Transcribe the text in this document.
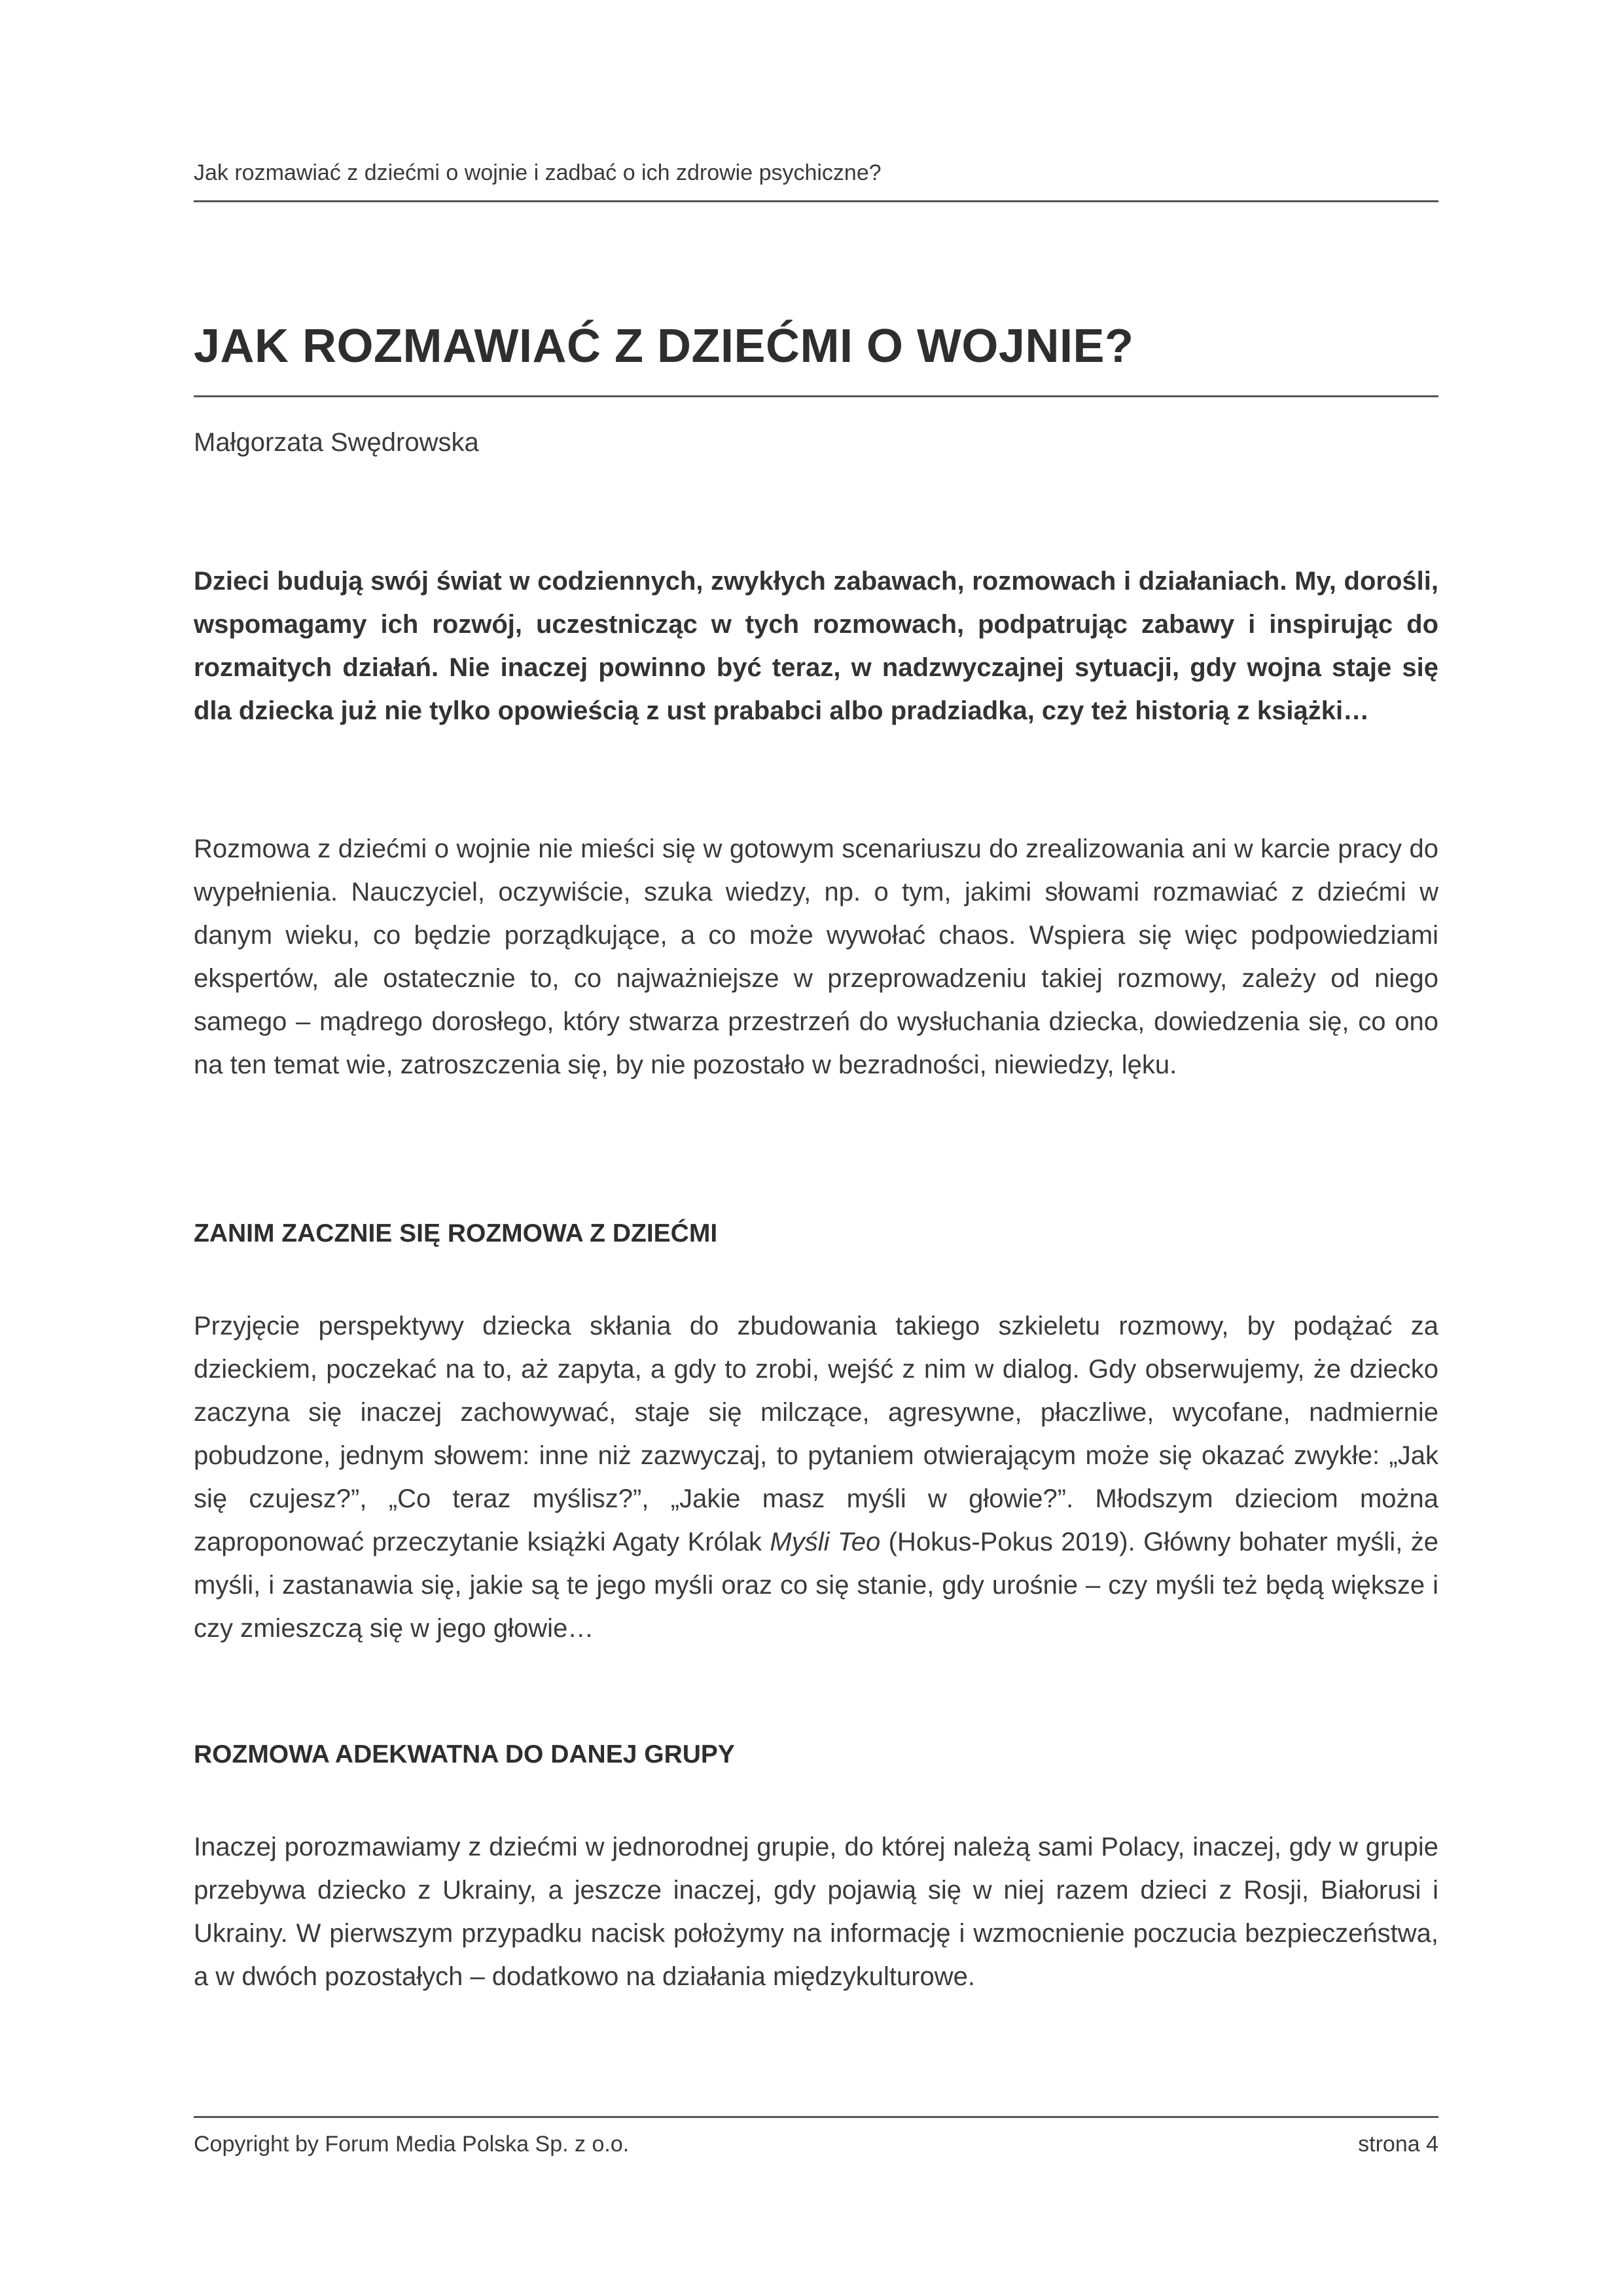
Jak rozmawiać z dziećmi o wojnie i zadbać o ich zdrowie psychiczne?
JAK ROZMAWIAĆ Z DZIEĆMI O WOJNIE?
Małgorzata Swędrowska

Dzieci budują swój świat w codziennych, zwykłych zabawach, rozmowach i działaniach. My, dorośli, wspomagamy ich rozwój, uczestnicząc w tych rozmowach, podpatrując zabawy i inspirując do rozmaitych działań. Nie inaczej powinno być teraz, w nadzwyczajnej sytuacji, gdy wojna staje się dla dziecka już nie tylko opowieścią z ust prababci albo pradziadka, czy też historią z książki…

Rozmowa z dziećmi o wojnie nie mieści się w gotowym scenariuszu do zrealizowania ani w karcie pracy do wypełnienia. Nauczyciel, oczywiście, szuka wiedzy, np. o tym, jakimi słowami rozmawiać z dziećmi w danym wieku, co będzie porządkujące, a co może wywołać chaos. Wspiera się więc podpowiedziami ekspertów, ale ostatecznie to, co najważniejsze w przeprowadzeniu takiej rozmowy, zależy od niego samego – mądrego dorosłego, który stwarza przestrzeń do wysłuchania dziecka, dowiedzenia się, co ono na ten temat wie, zatroszczenia się, by nie pozostało w bezradności, niewiedzy, lęku.

ZANIM ZACZNIE SIĘ ROZMOWA Z DZIEĆMI

Przyjęcie perspektywy dziecka skłania do zbudowania takiego szkieletu rozmowy, by podążać za dzieckiem, poczekać na to, aż zapyta, a gdy to zrobi, wejść z nim w dialog. Gdy obserwujemy, że dziecko zaczyna się inaczej zachowywać, staje się milczące, agresywne, płaczliwe, wycofane, nadmiernie pobudzone, jednym słowem: inne niż zazwyczaj, to pytaniem otwierającym może się okazać zwykłe: „Jak się czujesz?”, „Co teraz myślisz?”, „Jakie masz myśli w głowie?”. Młodszym dzieciom można zaproponować przeczytanie książki Agaty Królak Myśli Teo (Hokus-Pokus 2019). Główny bohater myśli, że myśli, i zastanawia się, jakie są te jego myśli oraz co się stanie, gdy urośnie – czy myśli też będą większe i czy zmieszczą się w jego głowie…

ROZMOWA ADEKWATNA DO DANEJ GRUPY

Inaczej porozmawiamy z dziećmi w jednorodnej grupie, do której należą sami Polacy, inaczej, gdy w grupie przebywa dziecko z Ukrainy, a jeszcze inaczej, gdy pojawią się w niej razem dzieci z Rosji, Białorusi i Ukrainy. W pierwszym przypadku nacisk położymy na informację i wzmocnienie poczucia bezpieczeństwa, a w dwóch pozostałych – dodatkowo na działania międzykulturowe.

Copyright by Forum Media Polska Sp. z o.o.	strona 4
